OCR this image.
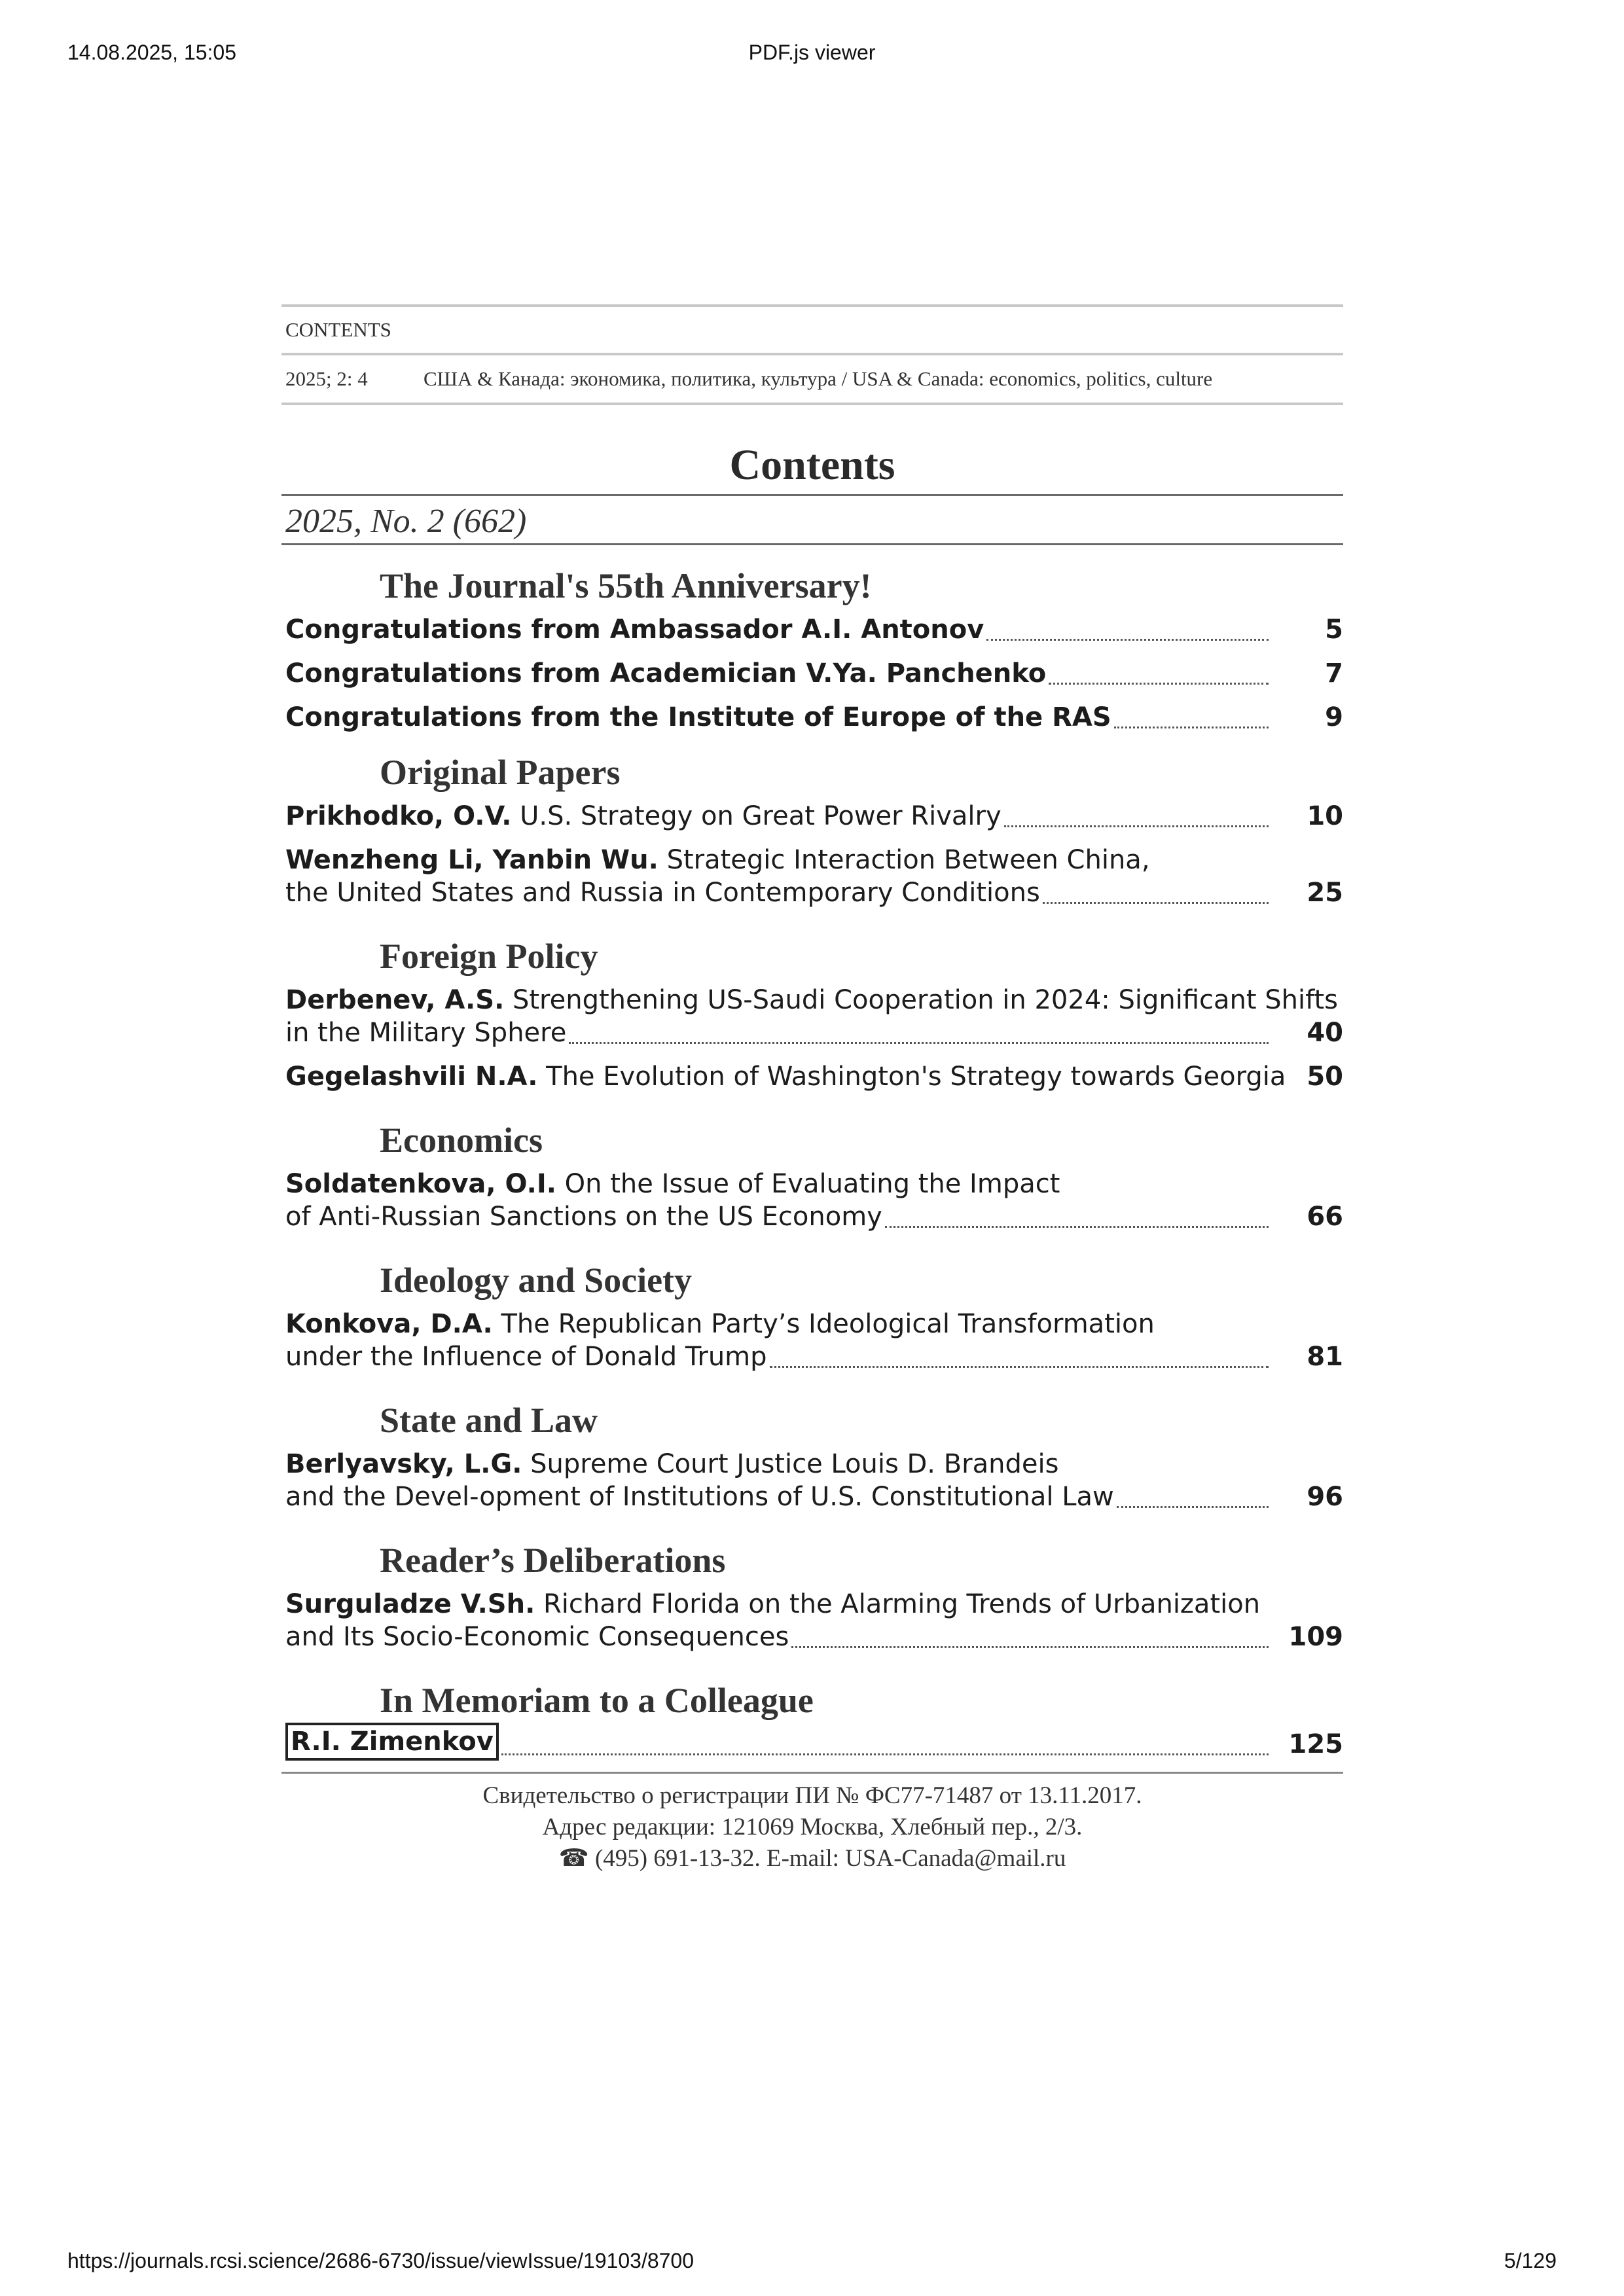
14.08.2025, 15:05	PDF.js viewer
CONTENTS
2025; 2: 4	США & Канада: экономика, политика, культура / USA & Canada: economics, politics, culture
Contents
2025, No. 2 (662)
The Journal's 55th Anniversary!
Congratulations from Ambassador A.I. Antonov	5
Congratulations from Academician V.Ya. Panchenko	7
Congratulations from the Institute of Europe of the RAS	9
Original Papers
Prikhodko, O.V.
U.S. Strategy on Great Power Rivalry	10
Wenzheng Li, Yanbin Wu.
Strategic Interaction Between China,
the United States and Russia in Contemporary Conditions	25
Foreign Policy
Derbenev, A.S.
Strengthening US-Saudi Cooperation in 2024: Significant Shifts
in the Military Sphere	40
Gegelashvili N.A.
The Evolution of Washington's Strategy towards Georgia 50
Economics
Soldatenkova, O.I.
On the Issue of Evaluating the Impact
of Anti-Russian Sanctions on the US Economy	66
Ideology and Society
Konkova, D.A.
The Republican Party’s Ideological Transformation
under the Influence of Donald Trump	81
State and Law
Berlyavsky, L.G.
Supreme Court Justice Louis D. Brandeis
and the Devel-opment of Institutions of U.S. Constitutional Law	96
Reader’s Deliberations
Surguladze V.Sh.
Richard Florida on the Alarming Trends of Urbanization
and Its Socio-Economic Consequences	109
In Memoriam to a Colleague
R.I. Zimenkov	125
Свидетельство о регистрации ПИ № ФС77-71487 от 13.11.2017.
Адрес редакции: 121069 Москва, Хлебный пер., 2/3.
☎ (495) 691-13-32. E-mail: USA-Canada@mail.ru
https://journals.rcsi.science/2686-6730/issue/viewIssue/19103/8700	5/129
